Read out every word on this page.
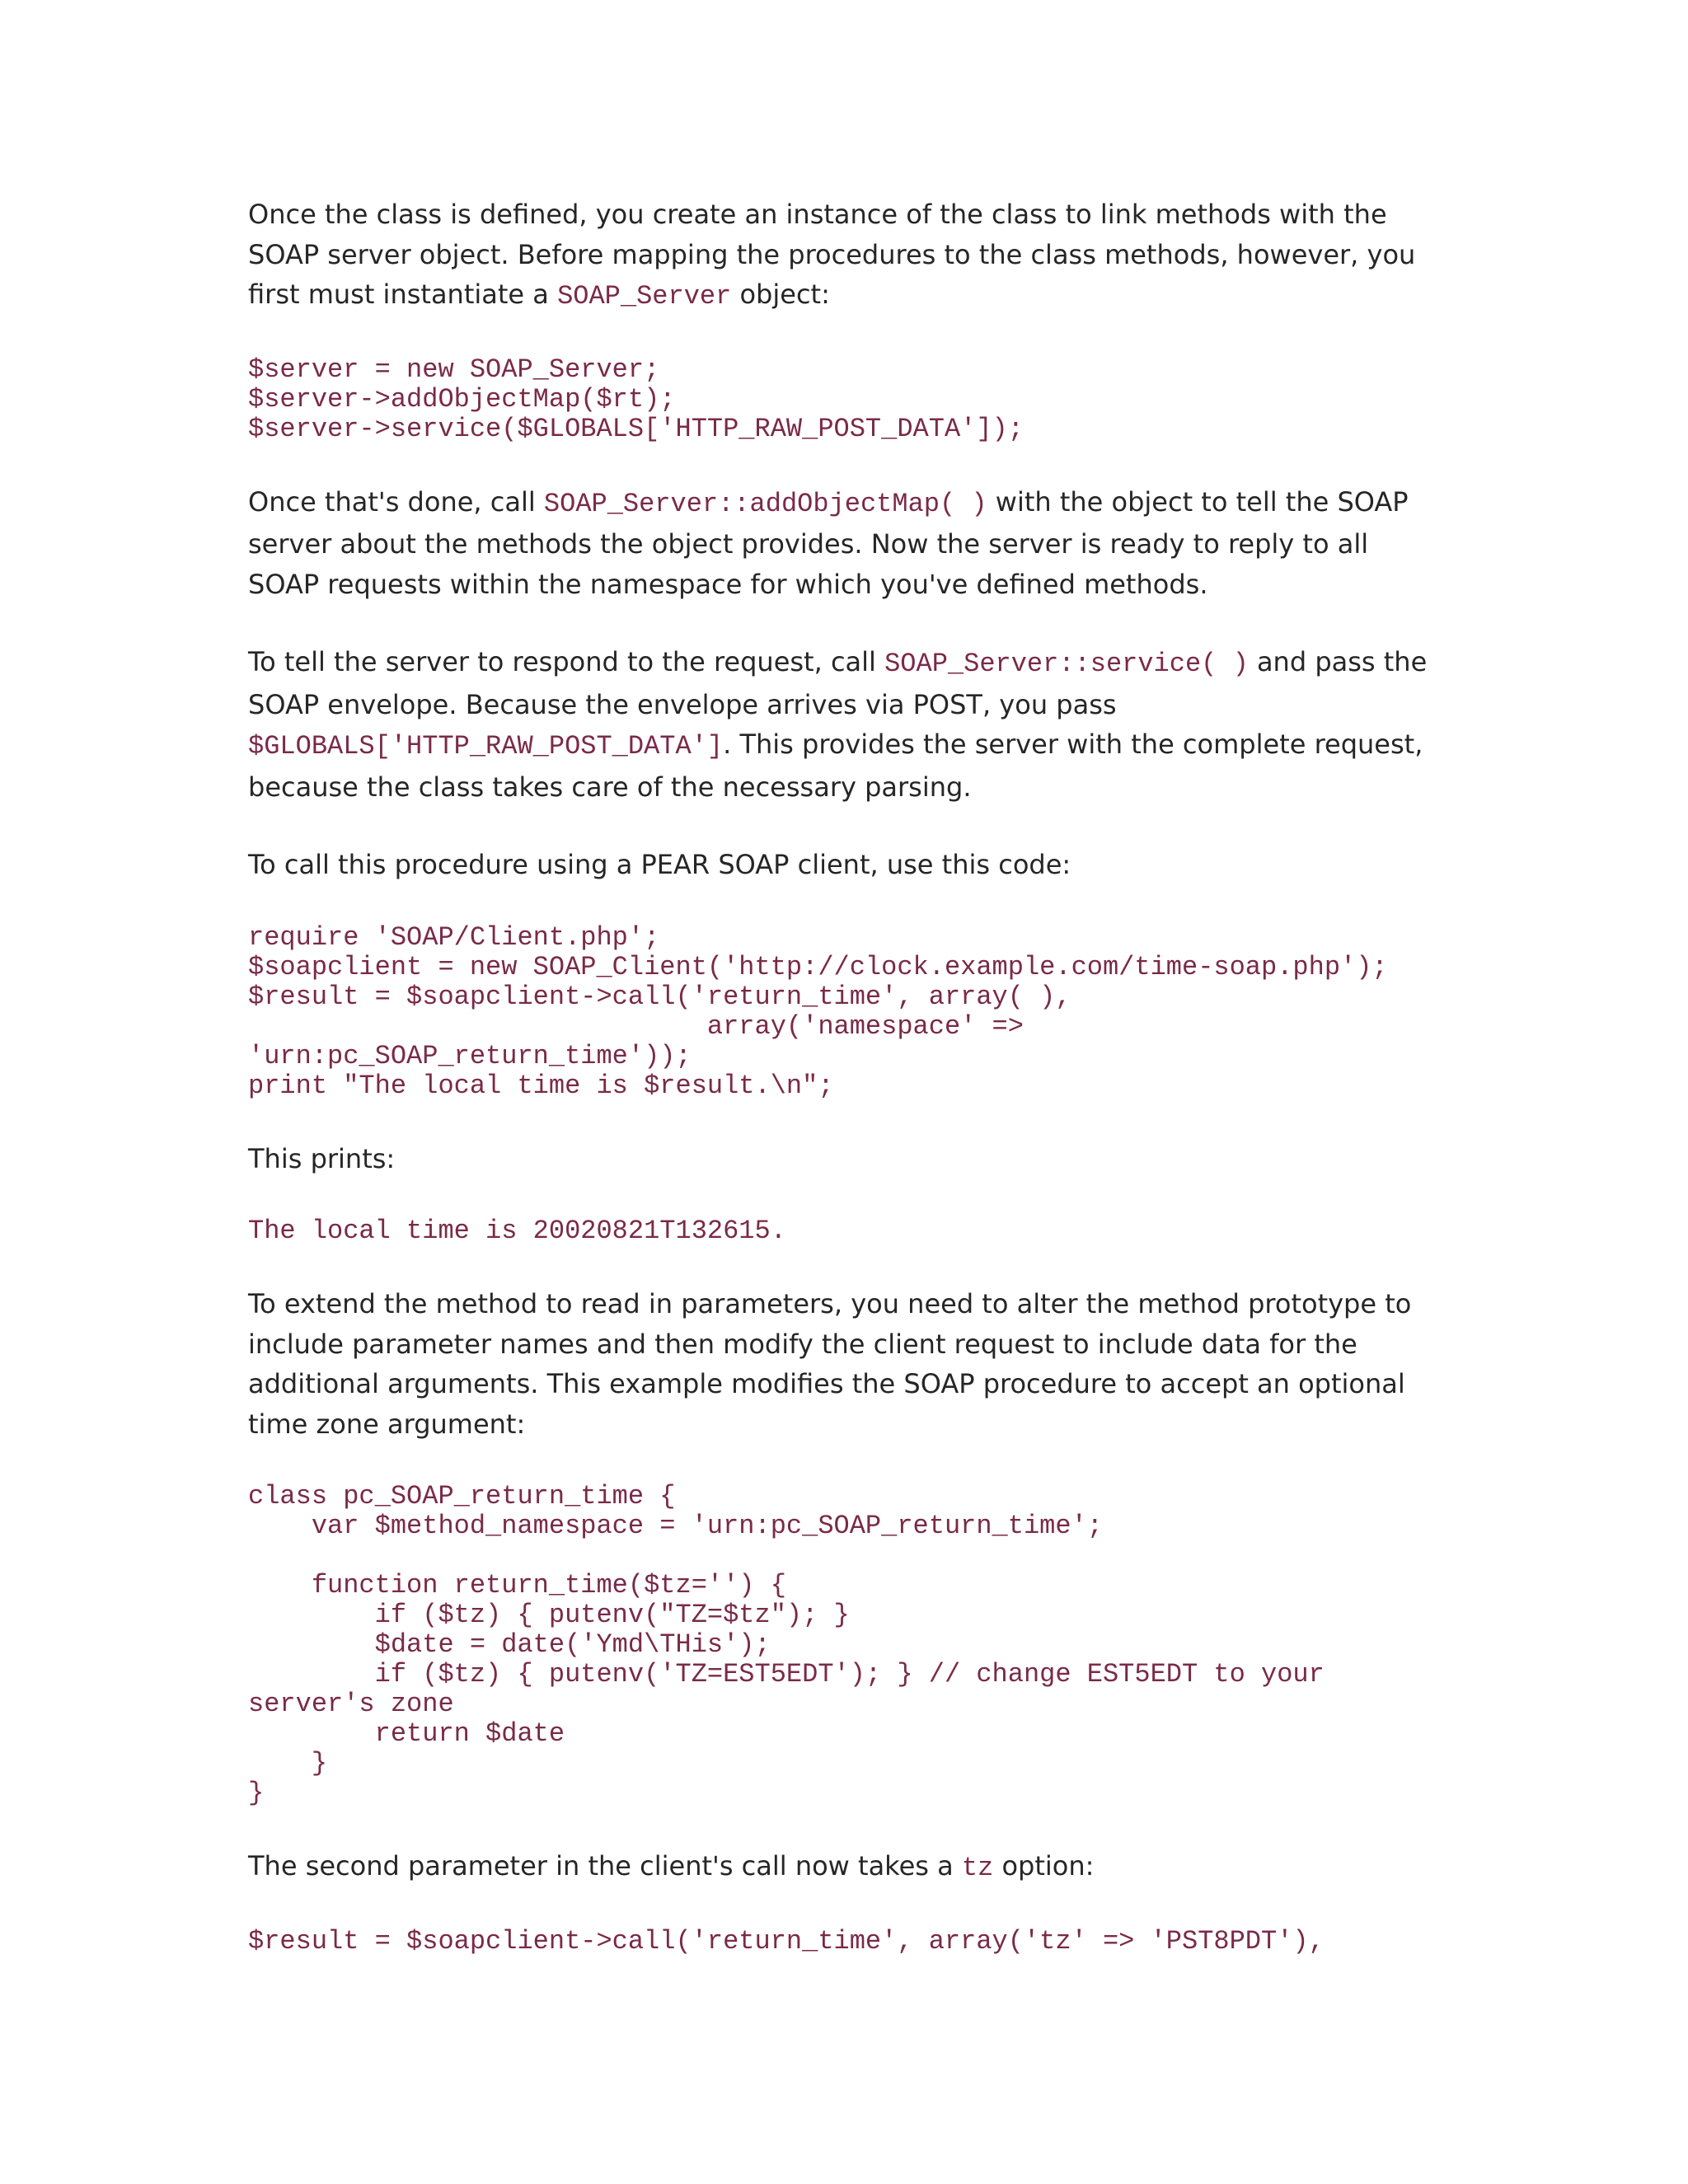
Once the class is defined, you create an instance of the class to link methods with the SOAP server object. Before mapping the procedures to the class methods, however, you first must instantiate a SOAP_Server object:

$server = new SOAP_Server;
$server->addObjectMap($rt);
$server->service($GLOBALS['HTTP_RAW_POST_DATA']);

Once that's done, call SOAP_Server::addObjectMap( ) with the object to tell the SOAP server about the methods the object provides. Now the server is ready to reply to all SOAP requests within the namespace for which you've defined methods.

To tell the server to respond to the request, call SOAP_Server::service( ) and pass the SOAP envelope. Because the envelope arrives via POST, you pass $GLOBALS['HTTP_RAW_POST_DATA']. This provides the server with the complete request, because the class takes care of the necessary parsing.

To call this procedure using a PEAR SOAP client, use this code:

require 'SOAP/Client.php';
$soapclient = new SOAP_Client('http://clock.example.com/time-soap.php');
$result = $soapclient->call('return_time', array( ),
array('namespace' =>
'urn:pc_SOAP_return_time'));
print "The local time is $result.\n";

This prints:

The local time is 20020821T132615.

To extend the method to read in parameters, you need to alter the method prototype to include parameter names and then modify the client request to include data for the additional arguments. This example modifies the SOAP procedure to accept an optional time zone argument:

class pc_SOAP_return_time {
var $method_namespace = 'urn:pc_SOAP_return_time';

function return_time($tz='') {
if ($tz) { putenv("TZ=$tz"); }
$date = date('Ymd\THis');
if ($tz) { putenv('TZ=EST5EDT'); } // change EST5EDT to your
server's zone
return $date
}
}

The second parameter in the client's call now takes a tz option:

$result = $soapclient->call('return_time', array('tz' => 'PST8PDT'),
